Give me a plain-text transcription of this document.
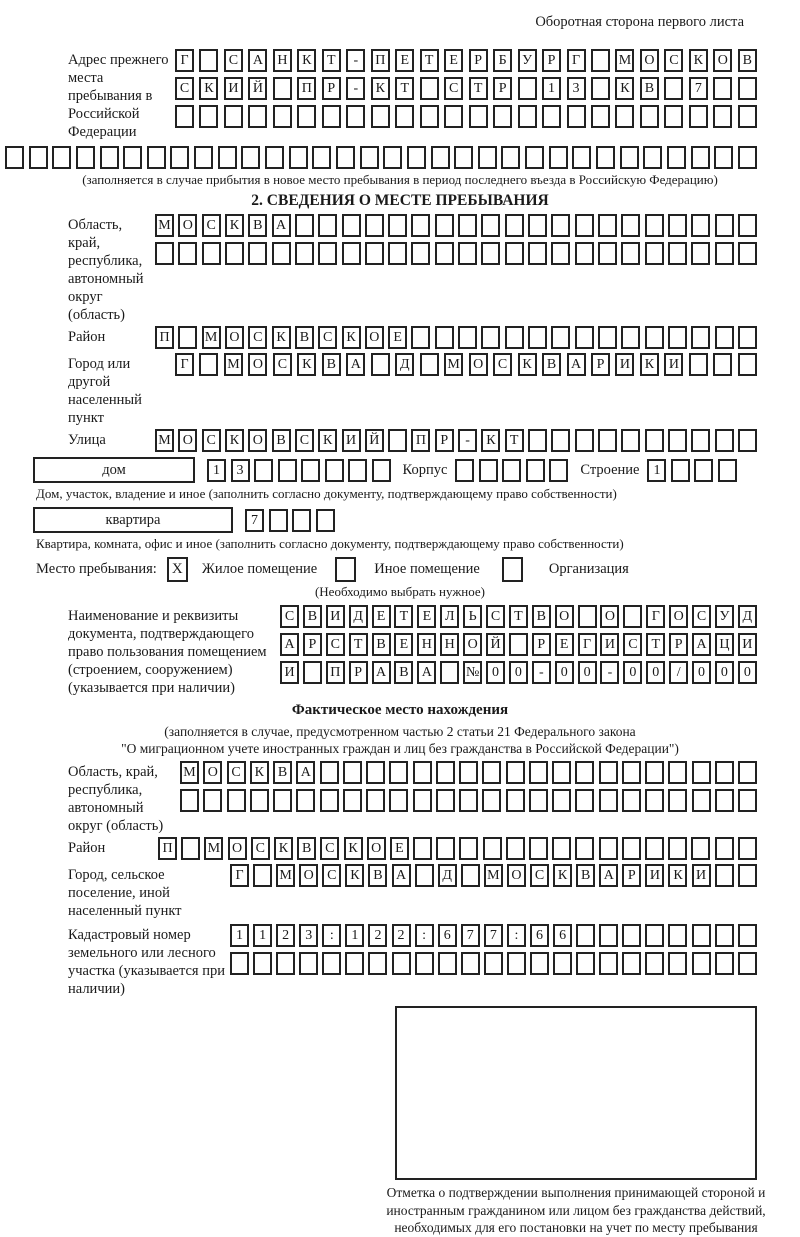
Оборотная сторона первого листа
Адрес прежнего места пребывания в Российской Федерации
Г	С	А	Н	К	Т	-	П	Е	Т	Е	Р	Б	У	Р	Г	М О	С	К	О	В
С	К	И	Й	П	Р	-	К	Т	С	Т	Р	1	3	К	В	7
(заполняется в случае прибытия в новое место пребывания в период последнего въезда в Российскую Федерацию)
2. СВЕДЕНИЯ О МЕСТЕ ПРЕБЫВАНИЯ
Область, край, республика, автономный округ (область)
М О С К В А
Район	П	М О С К В С К О Е
Город или другой населенный пункт
Г	М О	С	К	В	А	Д	М О	С	К	В	А	Р	И	К	И
Улица	М О С К О В С К И Й	П	Р	-	К	Т
дом	1	3	Корпус	Строение	1
Дом, участок, владение и иное (заполнить согласно документу, подтверждающему право собственности)
квартира	7
Квартира, комната, офис и иное (заполнить согласно документу, подтверждающему право собственности)
Место пребывания:	X	Жилое помещение	Иное помещение	Организация
(Необходимо выбрать нужное)
Наименование и реквизиты документа, подтверждающего право пользования помещением (строением, сооружением) (указывается при наличии)
С В И Д Е	Т	Е Л	Ь	С Т В О	О	Г О С У Д
А Р	С Т В Е Н Н О Й	Р	Е	Г И С Т	Р А Ц И
И	П Р А В А	№ 0	0	-	0	0	-	0	0	/	0	0	0
Фактическое место нахождения
(заполняется в случае, предусмотренном частью 2 статьи 21 Федерального закона
"О миграционном учете иностранных граждан и лиц без гражданства в Российской Федерации")
Область, край, республика, автономный округ (область)
М О С К В А
Район	П	М О С К В С К О Е
Город, сельское поселение, иной населенный пункт
Г	М О С К В А	Д	М О С К В А	Р	И К И
Кадастровый номер земельного или лесного участка (указывается при наличии)
1	1	2	3	:	1	2	2	:	6	7	7	:	6	6
Отметка о подтверждении выполнения принимающей стороной и иностранным гражданином или лицом без гражданства действий, необходимых для его постановки на учет по месту пребывания
